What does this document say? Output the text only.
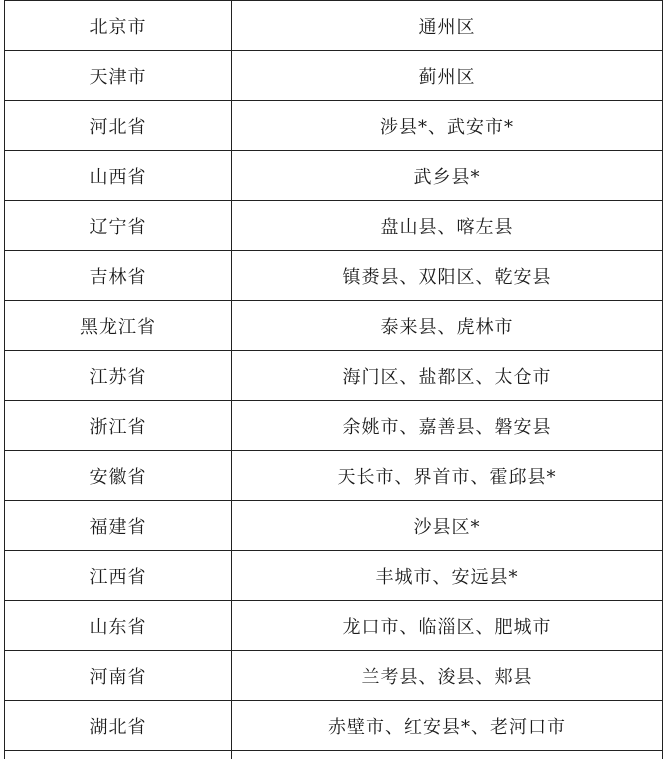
北京市	通州区
天津市	蓟州区
河北省	涉县*、武安市*
山西省	武乡县*
辽宁省	盘山县、喀左县
吉林省	镇赉县、双阳区、乾安县
黑龙江省	泰来县、虎林市
江苏省	海门区、盐都区、太仓市
浙江省	余姚市、嘉善县、磐安县
安徽省	天长市、界首市、霍邱县*
福建省	沙县区*
江西省	丰城市、安远县*
山东省	龙口市、临淄区、肥城市
河南省	兰考县、浚县、郏县
湖北省	赤壁市、红安县*、老河口市
